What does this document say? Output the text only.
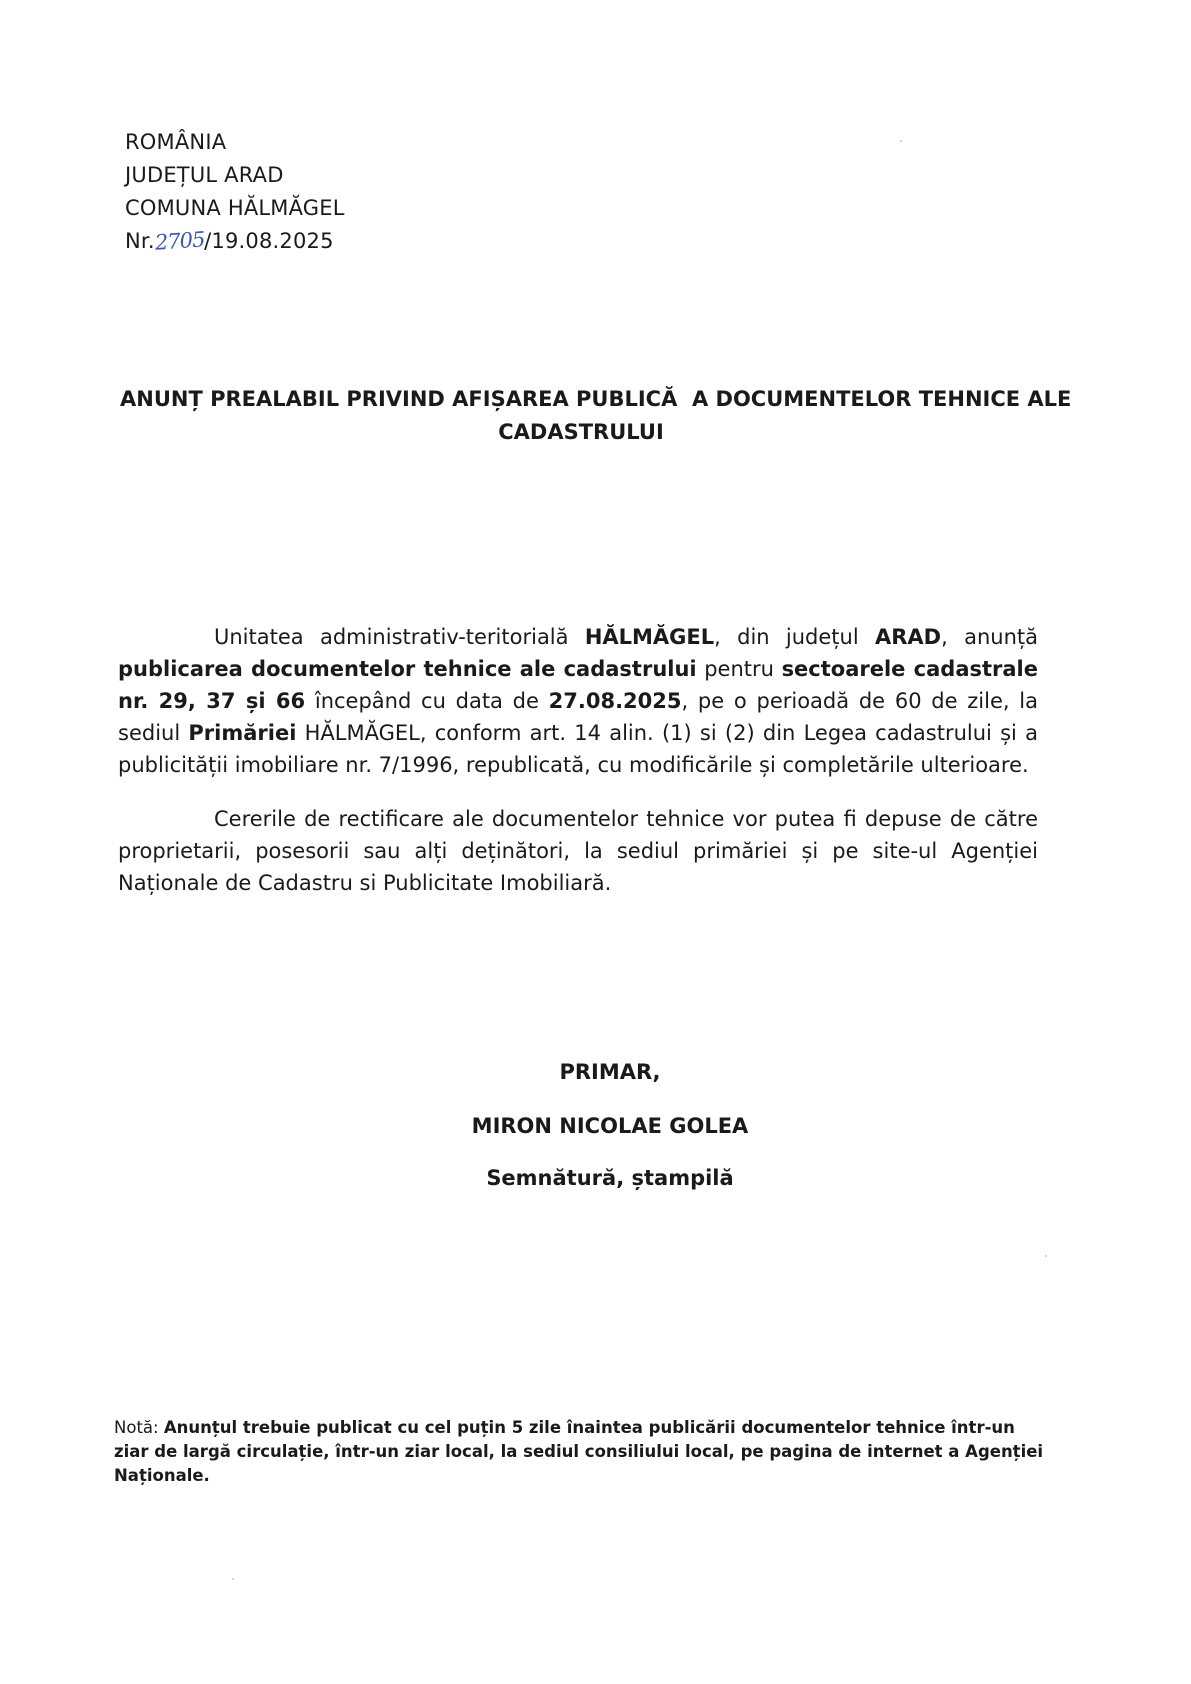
ROMÂNIA
JUDEȚUL ARAD
COMUNA HĂLMĂGEL
Nr.2705/19.08.2025
ANUNȚ PREALABIL PRIVIND AFIȘAREA PUBLICĂ  A DOCUMENTELOR TEHNICE ALE
CADASTRULUI

Unitatea administrativ-teritorială HĂLMĂGEL, din județul ARAD, anunță publicarea documentelor tehnice ale cadastrului pentru sectoarele cadastrale nr. 29, 37 și 66 începând cu data de 27.08.2025, pe o perioadă de 60 de zile, la sediul Primăriei HĂLMĂGEL, conform art. 14 alin. (1) si (2) din Legea cadastrului și a publicității imobiliare nr. 7/1996, republicată, cu modificările și completările ulterioare.

Cererile de rectificare ale documentelor tehnice vor putea fi depuse de către proprietarii, posesorii sau alți deținători, la sediul primăriei și pe site-ul Agenției Naționale de Cadastru si Publicitate Imobiliară.

PRIMAR,
MIRON NICOLAE GOLEA
Semnătură, ștampilă
Notă: Anunțul trebuie publicat cu cel puțin 5 zile înaintea publicării documentelor tehnice într-un ziar de largă circulație, într-un ziar local, la sediul consiliului local, pe pagina de internet a Agenției Naționale.
